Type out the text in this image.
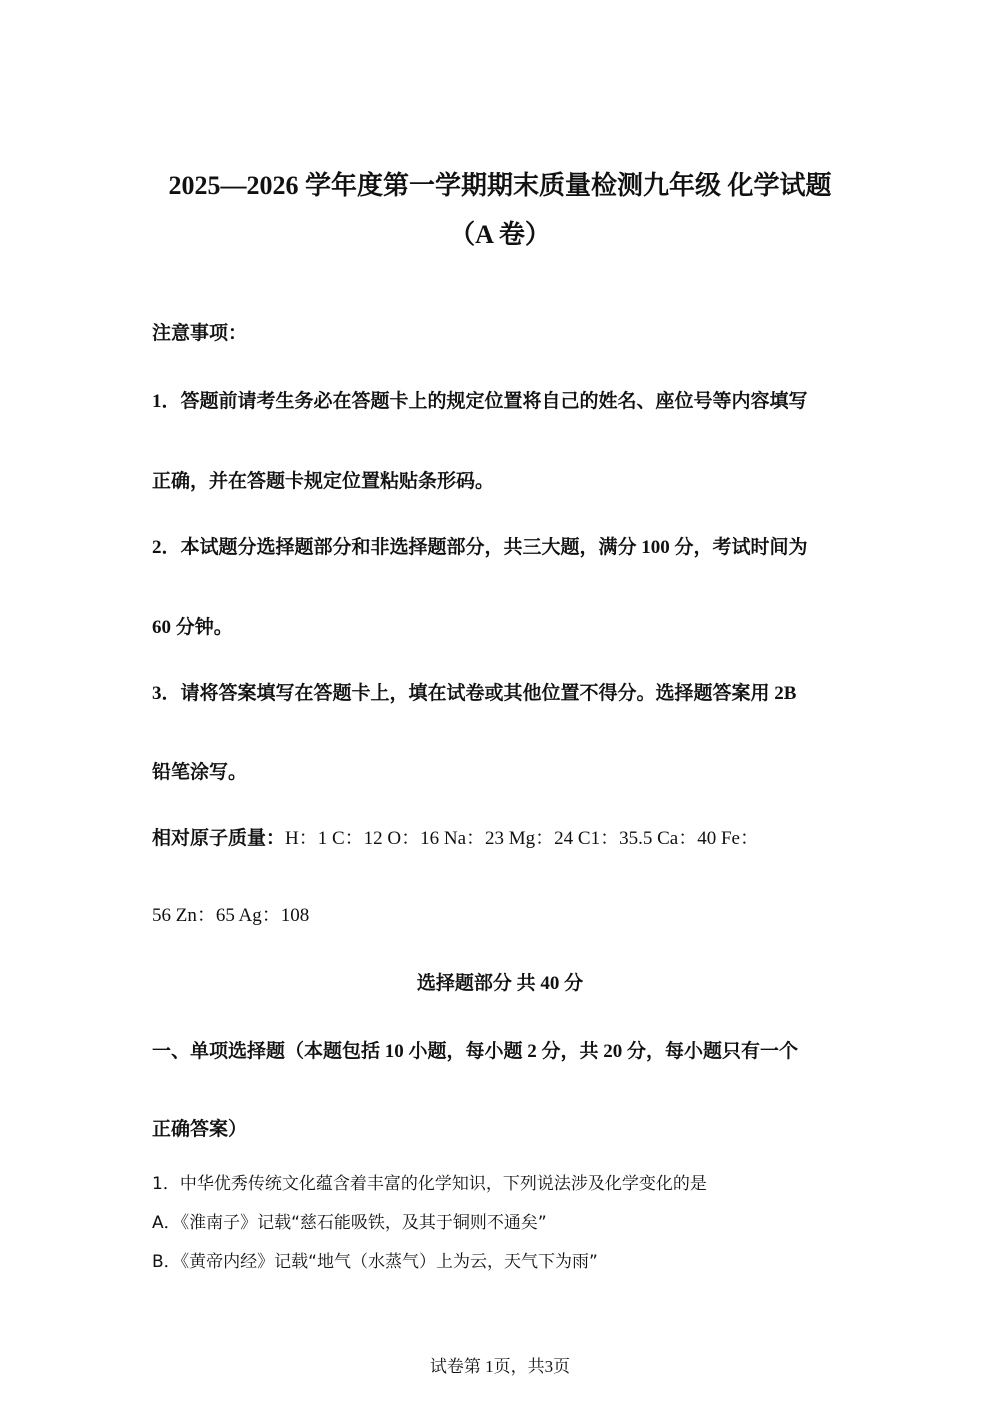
2025—2026 学年度第一学期期末质量检测九年级 化学试题
（A 卷）
注意事项：
1．答题前请考生务必在答题卡上的规定位置将自己的姓名、座位号等内容填写
正确，并在答题卡规定位置粘贴条形码。
2．本试题分选择题部分和非选择题部分，共三大题，满分 100 分，考试时间为
60 分钟。
3．请将答案填写在答题卡上，填在试卷或其他位置不得分。选择题答案用 2B
铅笔涂写。
相对原子质量：H：1 C：12 O：16 Na：23 Mg：24 C1：35.5 Ca：40 Fe：
56 Zn：65 Ag：108
选择题部分 共 40 分
一、单项选择题（本题包括 10 小题，每小题 2 分，共 20 分，每小题只有一个
正确答案）
1．中华优秀传统文化蕴含着丰富的化学知识，下列说法涉及化学变化的是
A．《淮南子》记载“慈石能吸铁，及其于铜则不通矣”
B．《黄帝内经》记载“地气（水蒸气）上为云，天气下为雨”
试卷第 1页，共3页
